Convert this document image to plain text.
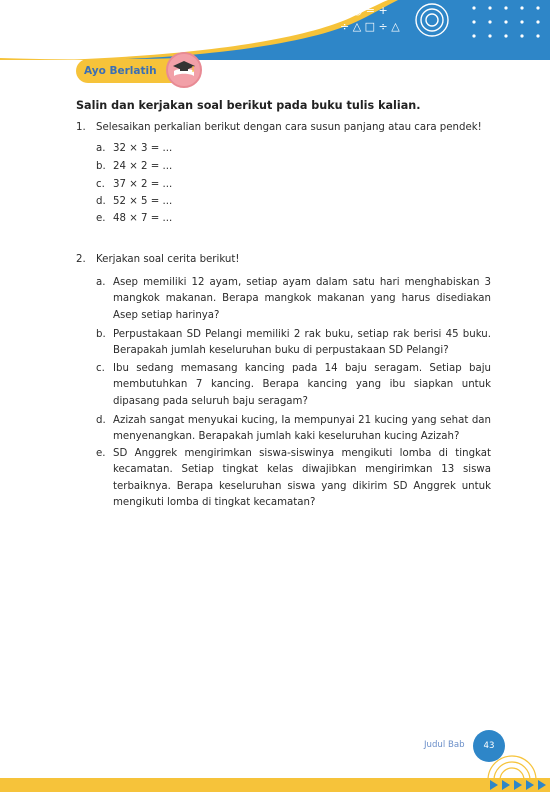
+ ○ = +
÷ △ □ ÷ △
Ayo Berlatih
Salin dan kerjakan soal berikut pada buku tulis kalian.
1. Selesaikan perkalian berikut dengan cara susun panjang atau cara pendek!
a. 32 × 3 = ...
b. 24 × 2 = ...
c. 37 × 2 = ...
d. 52 × 5 = ...
e. 48 × 7 = ...
2. Kerjakan soal cerita berikut!
a. Asep memiliki 12 ayam, setiap ayam dalam satu hari menghabiskan 3 mangkok makanan. Berapa mangkok makanan yang harus disediakan Asep setiap harinya?
b. Perpustakaan SD Pelangi memiliki 2 rak buku, setiap rak berisi 45 buku. Berapakah jumlah keseluruhan buku di perpustakaan SD Pelangi?
c. Ibu sedang memasang kancing pada 14 baju seragam. Setiap baju membutuhkan 7 kancing. Berapa kancing yang ibu siapkan untuk dipasang pada seluruh baju seragam?
d. Azizah sangat menyukai kucing, Ia mempunyai 21 kucing yang sehat dan menyenangkan. Berapakah jumlah kaki keseluruhan kucing Azizah?
e. SD Anggrek mengirimkan siswa-siswinya mengikuti lomba di tingkat kecamatan. Setiap tingkat kelas diwajibkan mengirimkan 13 siswa terbaiknya. Berapa keseluruhan siswa yang dikirim SD Anggrek untuk mengikuti lomba di tingkat kecamatan?
Judul Bab	43
